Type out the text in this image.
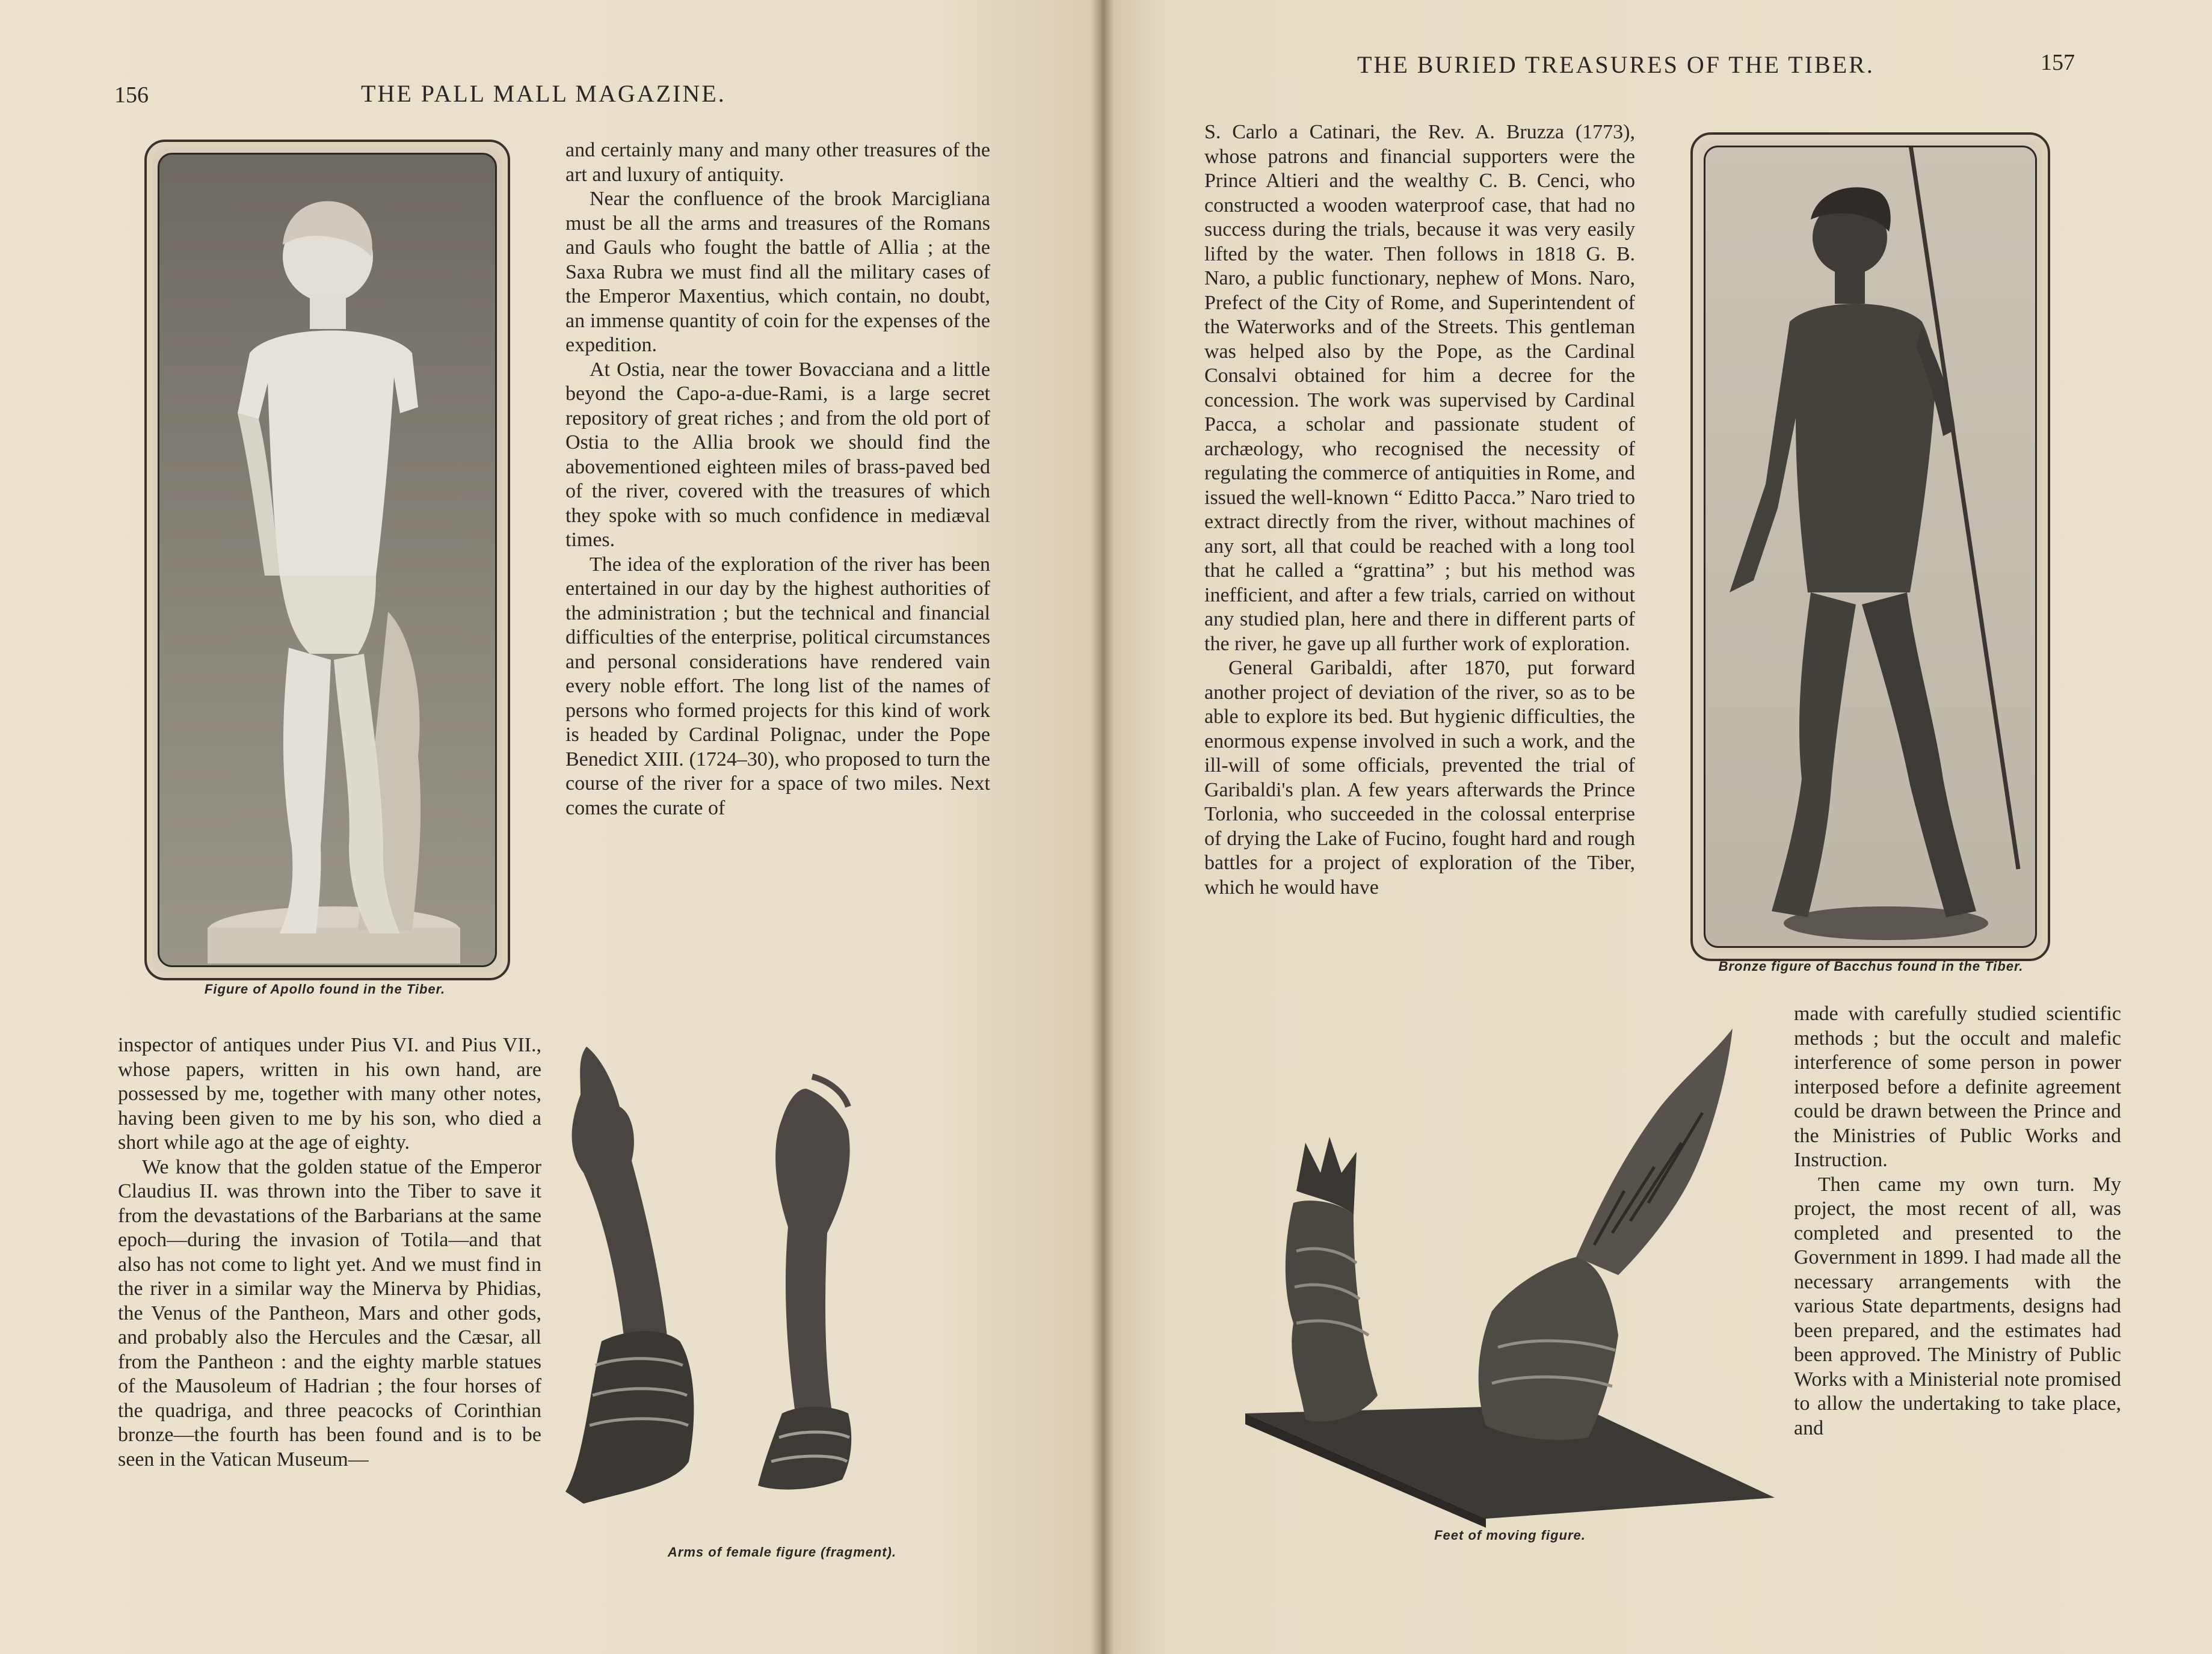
156	THE PALL MALL MAGAZINE.
Figure of Apollo found in the Tiber.

and certainly many and many other treasures of the art and luxury of antiquity.

Near the confluence of the brook Marcigliana must be all the arms and treasures of the Romans and Gauls who fought the battle of Allia ; at the Saxa Rubra we must find all the military cases of the Emperor Maxentius, which contain, no doubt, an immense quantity of coin for the expenses of the expedition.

At Ostia, near the tower Bovacciana and a little beyond the Capo-a-due-Rami, is a large secret repository of great riches ; and from the old port of Ostia to the Allia brook we should find the abovementioned eighteen miles of brass-paved bed of the river, covered with the treasures of which they spoke with so much confidence in mediæval times.

The idea of the exploration of the river has been entertained in our day by the highest authorities of the administration ; but the technical and financial difficulties of the enterprise, political circumstances and personal considerations have rendered vain every noble effort. The long list of the names of persons who formed projects for this kind of work is headed by Cardinal Polignac, under the Pope Benedict XIII. (1724–30), who proposed to turn the course of the river for a space of two miles. Next comes the curate of

inspector of antiques under Pius VI. and Pius VII., whose papers, written in his own hand, are possessed by me, together with many other notes, having been given to me by his son, who died a short while ago at the age of eighty.

We know that the golden statue of the Emperor Claudius II. was thrown into the Tiber to save it from the devastations of the Barbarians at the same epoch—during the invasion of Totila—and that also has not come to light yet. And we must find in the river in a similar way the Minerva by Phidias, the Venus of the Pantheon, Mars and other gods, and probably also the Hercules and the Cæsar, all from the Pantheon : and the eighty marble statues of the Mausoleum of Hadrian ; the four horses of the quadriga, and three peacocks of Corinthian bronze—the fourth has been found and is to be seen in the Vatican Museum—

Arms of female figure (fragment).
THE BURIED TREASURES OF THE TIBER.	157

S. Carlo a Catinari, the Rev. A. Bruzza (1773), whose patrons and financial supporters were the Prince Altieri and the wealthy C. B. Cenci, who constructed a wooden waterproof case, that had no success during the trials, because it was very easily lifted by the water. Then follows in 1818 G. B. Naro, a public functionary, nephew of Mons. Naro, Prefect of the City of Rome, and Superintendent of the Waterworks and of the Streets. This gentleman was helped also by the Pope, as the Cardinal Consalvi obtained for him a decree for the concession. The work was supervised by Cardinal Pacca, a scholar and passionate student of archæology, who recognised the necessity of regulating the commerce of antiquities in Rome, and issued the well-known “ Editto Pacca.” Naro tried to extract directly from the river, without machines of any sort, all that could be reached with a long tool that he called a “grattina” ; but his method was inefficient, and after a few trials, carried on without any studied plan, here and there in different parts of the river, he gave up all further work of exploration.

General Garibaldi, after 1870, put forward another project of deviation of the river, so as to be able to explore its bed. But hygienic difficulties, the enormous expense involved in such a work, and the ill-will of some officials, prevented the trial of Garibaldi's plan. A few years afterwards the Prince Torlonia, who succeeded in the colossal enterprise of drying the Lake of Fucino, fought hard and rough battles for a project of exploration of the Tiber, which he would have

Bronze figure of Bacchus found in the Tiber.

made with carefully studied scientific methods ; but the occult and malefic interference of some person in power interposed before a definite agreement could be drawn between the Prince and the Ministries of Public Works and Instruction.

Then came my own turn. My project, the most recent of all, was completed and presented to the Government in 1899. I had made all the necessary arrangements with the various State departments, designs had been prepared, and the estimates had been approved. The Ministry of Public Works with a Ministerial note promised to allow the undertaking to take place, and

Feet of moving figure.
